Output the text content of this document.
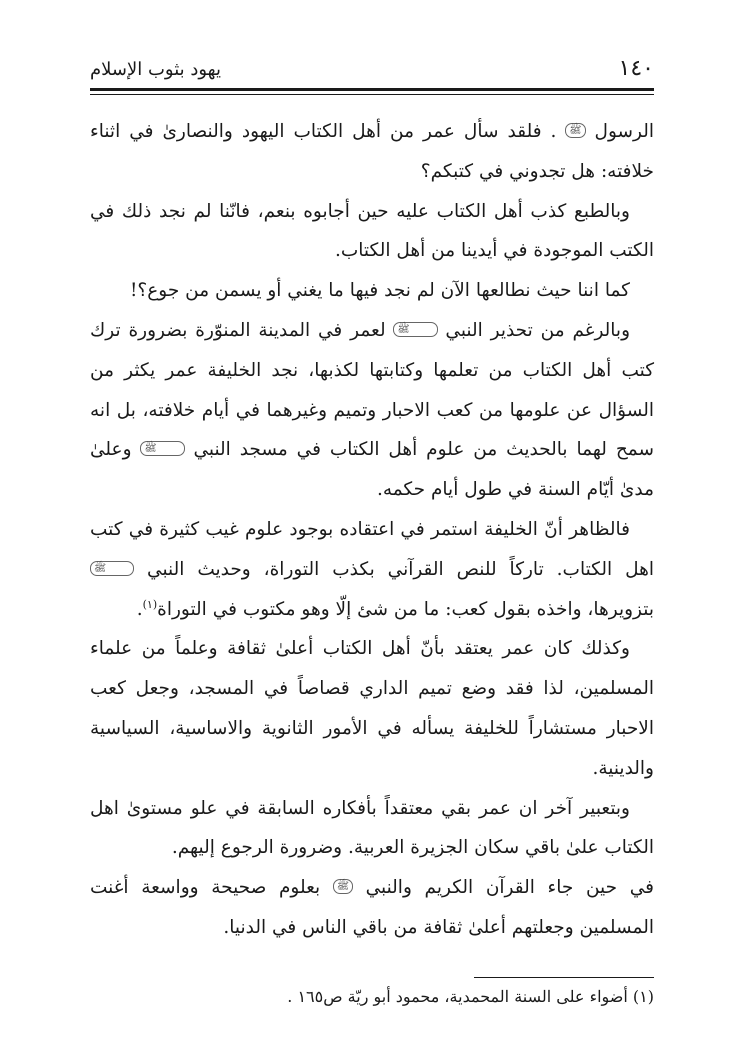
١٤٠
يهود بثوب الإسلام

الرسول ﷺ . فلقد سأل عمر من أهل الكتاب اليهود والنصارىٰ في اثناء خلافته: هل تجدوني في كتبكم؟

وبالطبع كذب أهل الكتاب عليه حين أجابوه بنعم، فانّنا لم نجد ذلك في الكتب الموجودة في أيدينا من أهل الكتاب.

كما اننا حيث نطالعها الآن لم نجد فيها ما يغني أو يسمن من جوع؟!

وبالرغم من تحذير النبي ﷺ لعمر في المدينة المنوّرة بضرورة ترك كتب أهل الكتاب من تعلمها وكتابتها لكذبها، نجد الخليفة عمر يكثر من السؤال عن علومها من كعب الاحبار وتميم وغيرهما في أيام خلافته، بل انه سمح لهما بالحديث من علوم أهل الكتاب في مسجد النبي ﷺ وعلىٰ مدىٰ أيّام السنة في طول أيام حكمه.

فالظاهر أنّ الخليفة استمر في اعتقاده بوجود علوم غيب كثيرة في كتب اهل الكتاب. تاركاً للنص القرآني بكذب التوراة، وحديث النبي ﷺ بتزويرها، واخذه بقول كعب: ما من شئ إلّا وهو مكتوب في التوراة$^{(١)}$.

وكذلك كان عمر يعتقد بأنّ أهل الكتاب أعلىٰ ثقافة وعلماً من علماء المسلمين، لذا فقد وضع تميم الداري قصاصاً في المسجد، وجعل كعب الاحبار مستشاراً للخليفة يسأله في الأمور الثانوية والاساسية، السياسية والدينية.

وبتعبير آخر ان عمر بقي معتقداً بأفكاره السابقة في علو مستوىٰ اهل الكتاب علىٰ باقي سكان الجزيرة العربية. وضرورة الرجوع إليهم.

في حين جاء القرآن الكريم والنبي ﷺ بعلوم صحيحة وواسعة أغنت المسلمين وجعلتهم أعلىٰ ثقافة من باقي الناس في الدنيا.

(١) أضواء على السنة المحمدية، محمود أبو ريّة ص١٦٥ .
